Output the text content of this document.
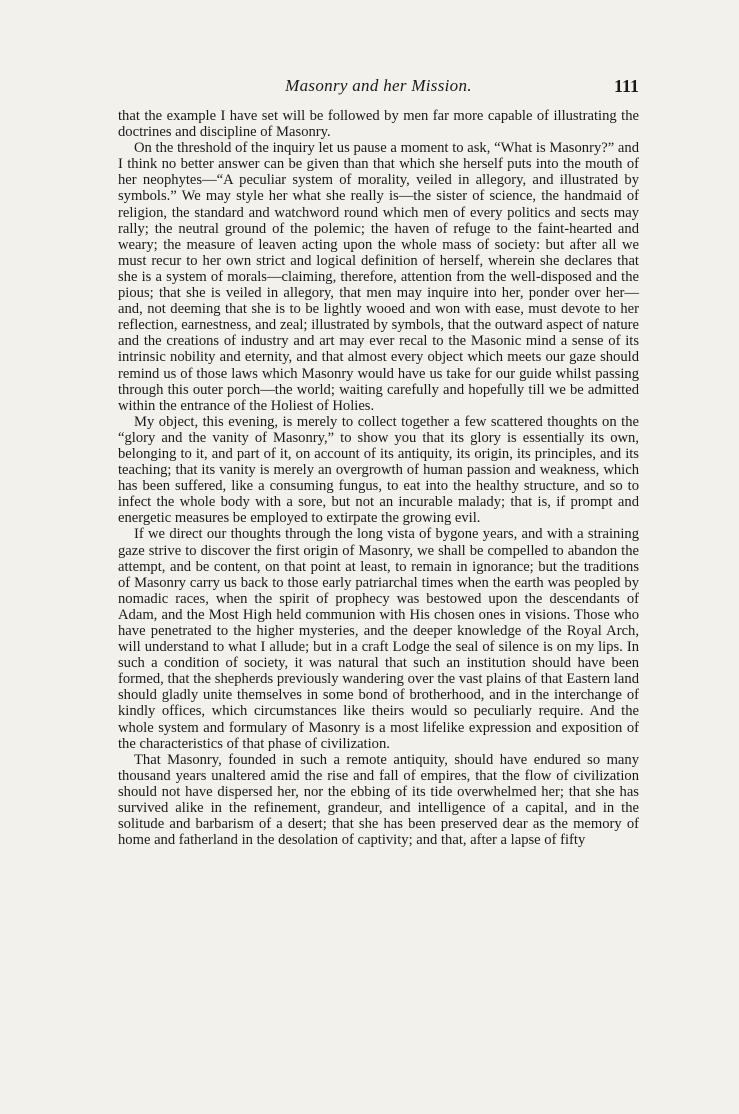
Masonry and her Mission.	111

that the example I have set will be followed by men far more capable of illustrating the doctrines and discipline of Masonry.

On the threshold of the inquiry let us pause a moment to ask, “What is Masonry?” and I think no better answer can be given than that which she herself puts into the mouth of her neophytes—“A peculiar system of morality, veiled in allegory, and illustrated by symbols.” We may style her what she really is—the sister of science, the handmaid of religion, the standard and watchword round which men of every politics and sects may rally; the neutral ground of the polemic; the haven of refuge to the faint-hearted and weary; the measure of leaven acting upon the whole mass of society: but after all we must recur to her own strict and logical definition of herself, wherein she declares that she is a system of morals—claiming, therefore, attention from the well-disposed and the pious; that she is veiled in allegory, that men may inquire into her, ponder over her—and, not deeming that she is to be lightly wooed and won with ease, must devote to her reflection, earnestness, and zeal; illustrated by symbols, that the outward aspect of nature and the creations of industry and art may ever recal to the Masonic mind a sense of its intrinsic nobility and eternity, and that almost every object which meets our gaze should remind us of those laws which Masonry would have us take for our guide whilst passing through this outer porch—the world; waiting carefully and hopefully till we be admitted within the entrance of the Holiest of Holies.

My object, this evening, is merely to collect together a few scattered thoughts on the “glory and the vanity of Masonry,” to show you that its glory is essentially its own, belonging to it, and part of it, on account of its antiquity, its origin, its principles, and its teaching; that its vanity is merely an overgrowth of human passion and weakness, which has been suffered, like a consuming fungus, to eat into the healthy structure, and so to infect the whole body with a sore, but not an incurable malady; that is, if prompt and energetic measures be employed to extirpate the growing evil.

If we direct our thoughts through the long vista of bygone years, and with a straining gaze strive to discover the first origin of Masonry, we shall be compelled to abandon the attempt, and be content, on that point at least, to remain in ignorance; but the traditions of Masonry carry us back to those early patriarchal times when the earth was peopled by nomadic races, when the spirit of prophecy was bestowed upon the descendants of Adam, and the Most High held communion with His chosen ones in visions. Those who have penetrated to the higher mysteries, and the deeper knowledge of the Royal Arch, will understand to what I allude; but in a craft Lodge the seal of silence is on my lips. In such a condition of society, it was natural that such an institution should have been formed, that the shepherds previously wandering over the vast plains of that Eastern land should gladly unite themselves in some bond of brotherhood, and in the interchange of kindly offices, which circumstances like theirs would so peculiarly require. And the whole system and formulary of Masonry is a most lifelike expression and exposition of the characteristics of that phase of civilization.

That Masonry, founded in such a remote antiquity, should have endured so many thousand years unaltered amid the rise and fall of empires, that the flow of civilization should not have dispersed her, nor the ebbing of its tide overwhelmed her; that she has survived alike in the refinement, grandeur, and intelligence of a capital, and in the solitude and barbarism of a desert; that she has been preserved dear as the memory of home and fatherland in the desolation of captivity; and that, after a lapse of fifty
